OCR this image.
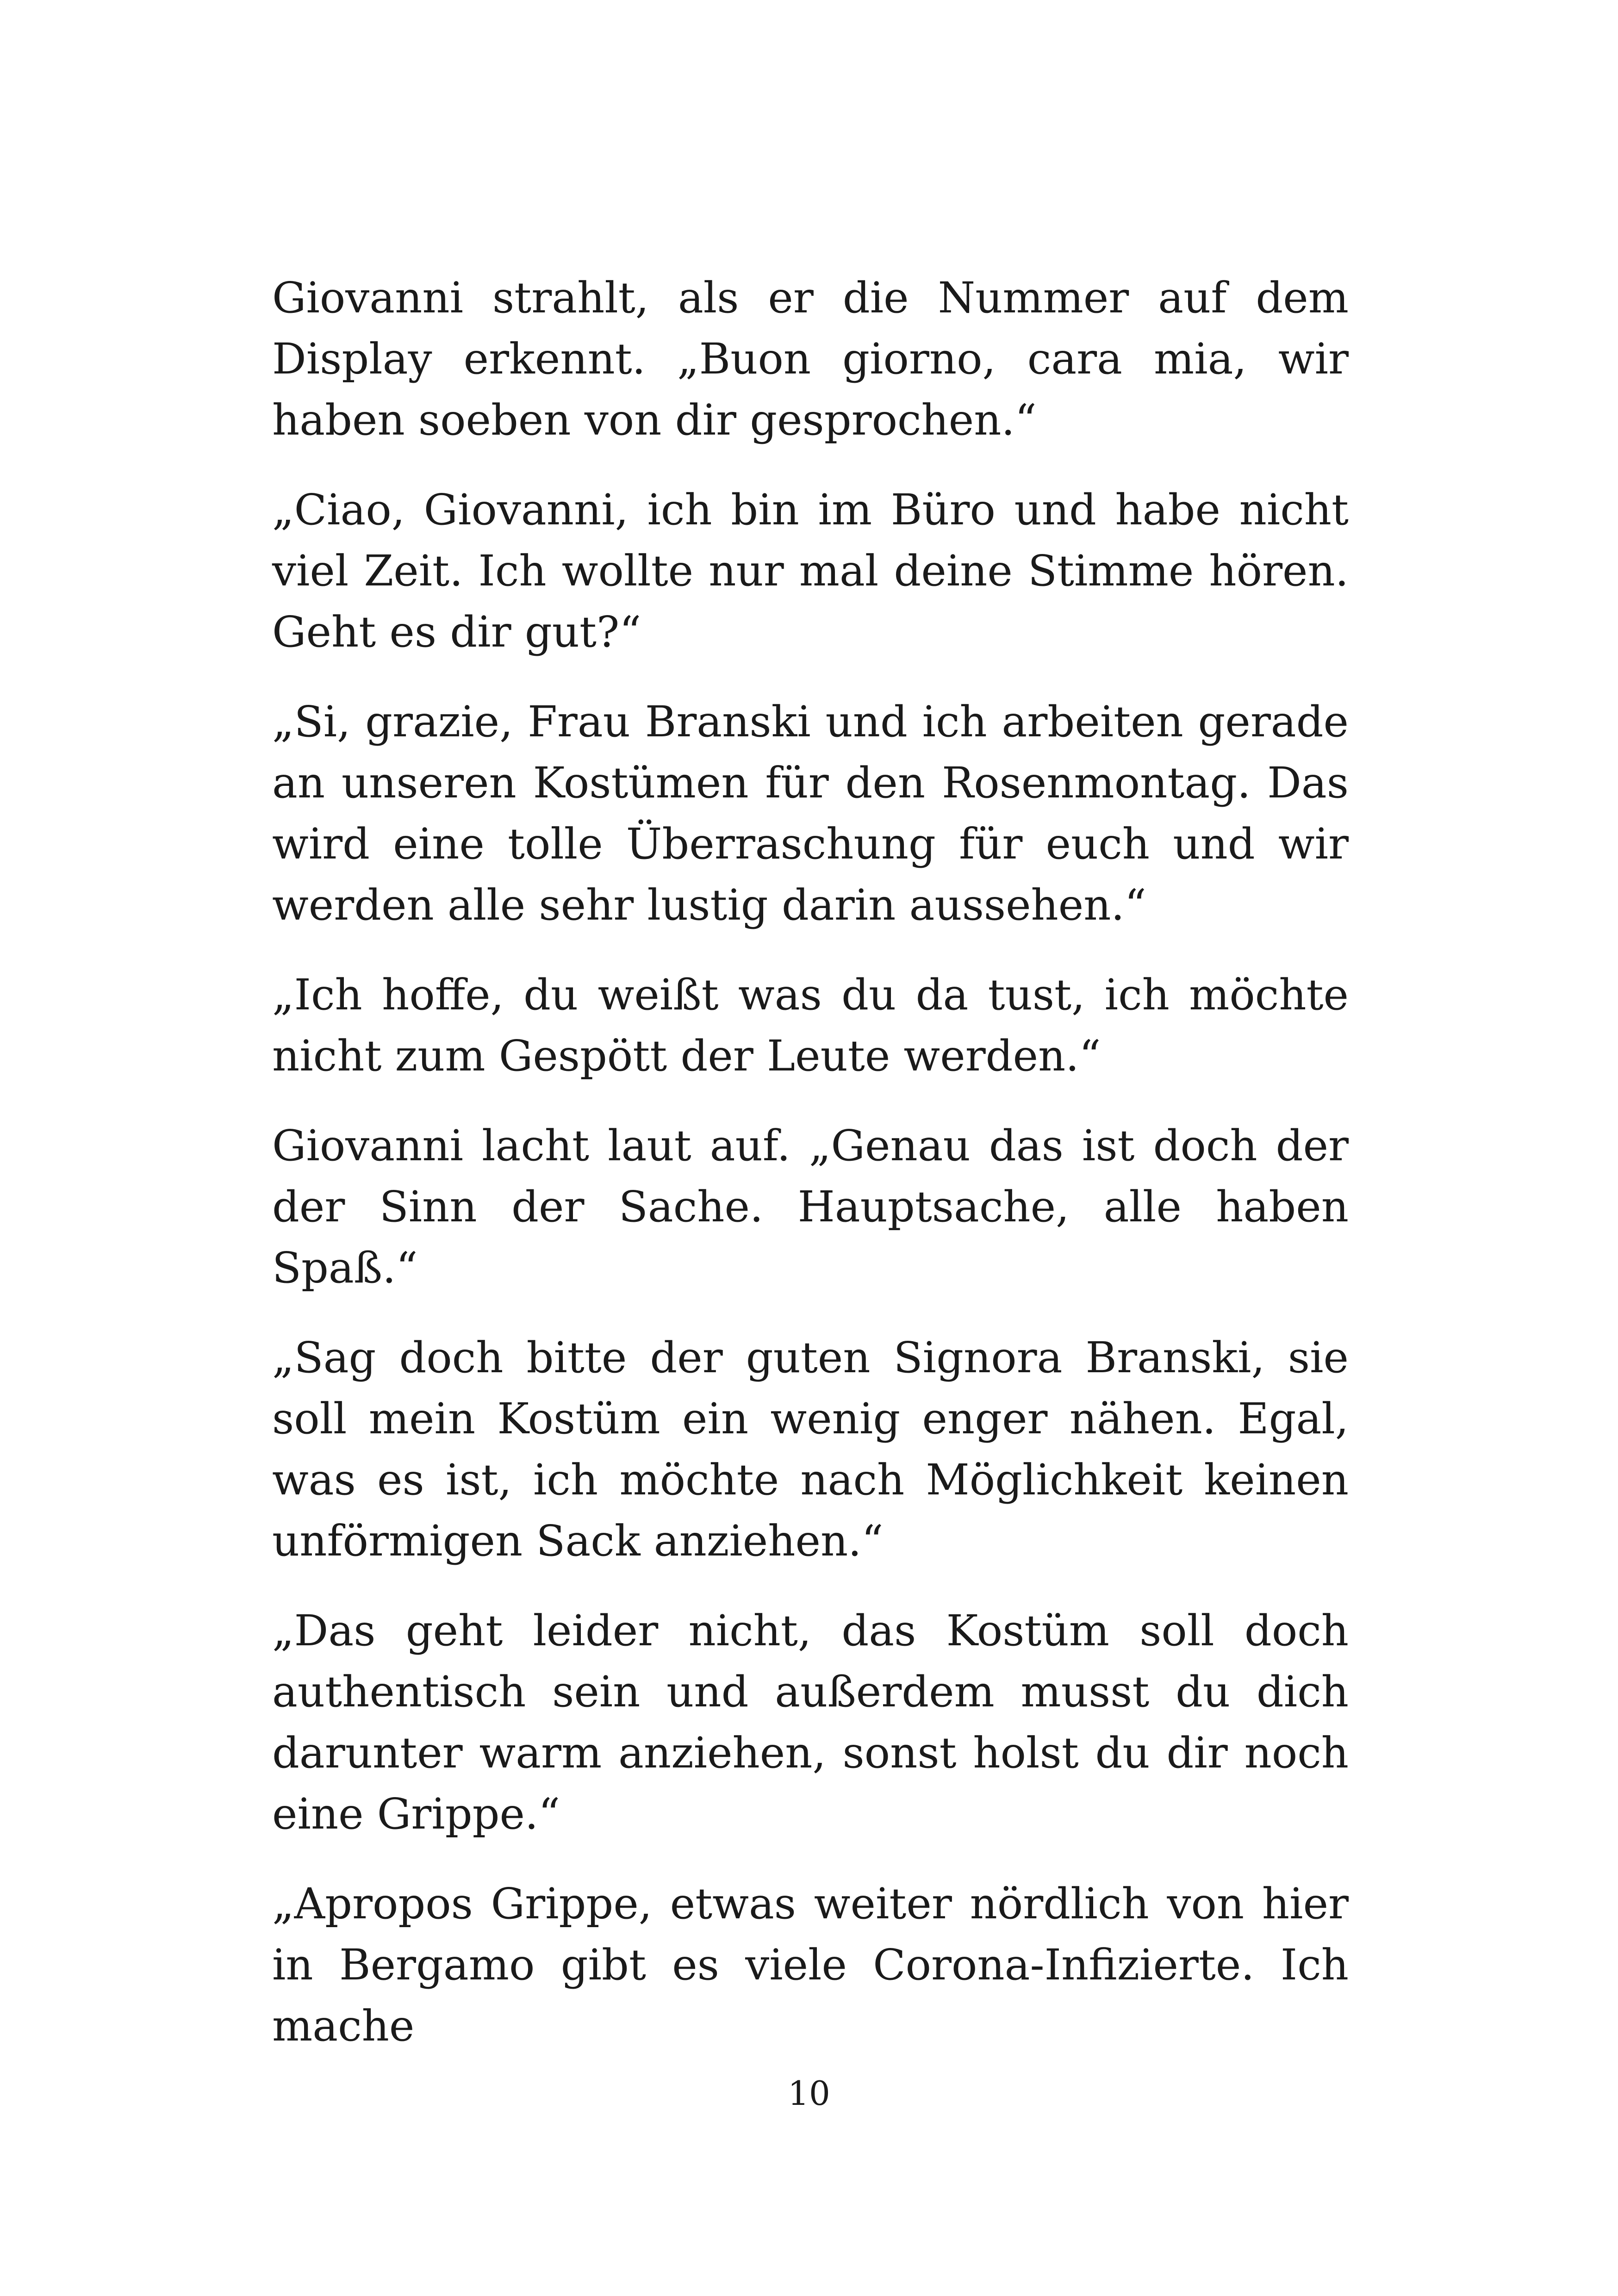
Giovanni strahlt, als er die Nummer auf dem Display erkennt. „Buon giorno, cara mia, wir haben soeben von dir gesprochen.“

„Ciao, Giovanni, ich bin im Büro und habe nicht viel Zeit. Ich wollte nur mal deine Stimme hören. Geht es dir gut?“

„Si, grazie, Frau Branski und ich arbeiten gerade an unseren Kostümen für den Rosenmontag. Das wird eine tolle Überraschung für euch und wir werden alle sehr lustig darin aussehen.“

„Ich hoffe, du weißt was du da tust, ich möchte nicht zum Gespött der Leute werden.“

Giovanni lacht laut auf. „Genau das ist doch der der Sinn der Sache. Hauptsache, alle haben Spaß.“

„Sag doch bitte der guten Signora Branski, sie soll mein Kostüm ein wenig enger nähen. Egal, was es ist, ich möchte nach Möglichkeit keinen unförmigen Sack anziehen.“

„Das geht leider nicht, das Kostüm soll doch authentisch sein und außerdem musst du dich darunter warm anziehen, sonst holst du dir noch eine Grippe.“

„Apropos Grippe, etwas weiter nördlich von hier in Bergamo gibt es viele Corona-Infizierte. Ich mache

10
